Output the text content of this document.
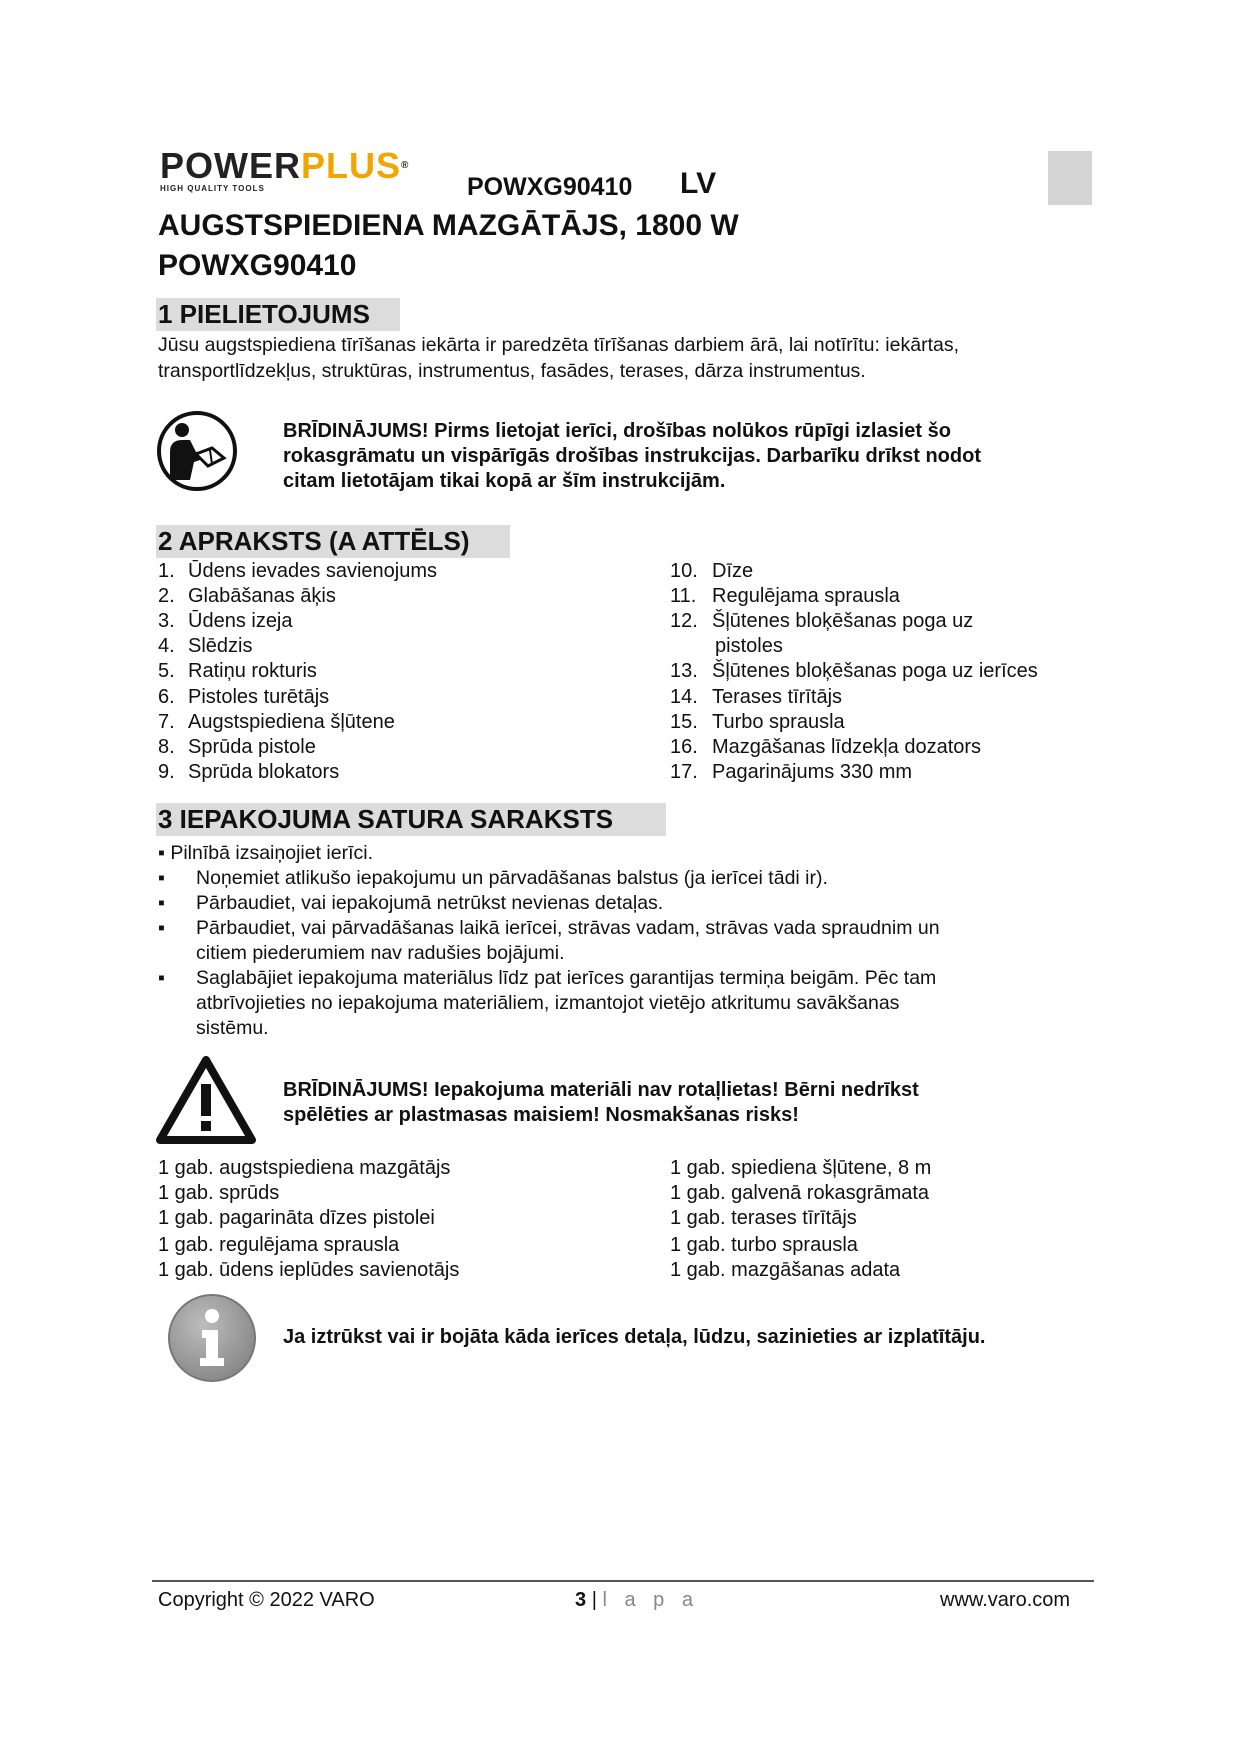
POWERPLUS®
HIGH QUALITY TOOLS	POWXG90410 LV
AUGSTSPIEDIENA MAZGĀTĀJS, 1800 W
POWXG90410
1 PIELIETOJUMS
Jūsu augstspiediena tīrīšanas iekārta ir paredzēta tīrīšanas darbiem ārā, lai notīrītu: iekārtas,
transportlīdzekļus, struktūras, instrumentus, fasādes, terases, dārza instrumentus.
BRĪDINĀJUMS! Pirms lietojat ierīci, drošības nolūkos rūpīgi izlasiet šo
rokasgrāmatu un vispārīgās drošības instrukcijas. Darbarīku drīkst nodot
citam lietotājam tikai kopā ar šīm instrukcijām.
2 APRAKSTS (A ATTĒLS)
1. Ūdens ievades savienojums
2. Glabāšanas āķis
3. Ūdens izeja
4. Slēdzis
5. Ratiņu rokturis
6. Pistoles turētājs
7. Augstspiediena šļūtene
8. Sprūda pistole
9. Sprūda blokators
10. Dīze
11. Regulējama sprausla
12. Šļūtenes bloķēšanas poga uz
pistoles
13. Šļūtenes bloķēšanas poga uz ierīces
14. Terases tīrītājs
15. Turbo sprausla
16. Mazgāšanas līdzekļa dozators
17. Pagarinājums 330 mm
3 IEPAKOJUMA SATURA SARAKSTS
▪ Pilnībā izsaiņojiet ierīci.
▪ Noņemiet atlikušo iepakojumu un pārvadāšanas balstus (ja ierīcei tādi ir).
▪ Pārbaudiet, vai iepakojumā netrūkst nevienas detaļas.
▪ Pārbaudiet, vai pārvadāšanas laikā ierīcei, strāvas vadam, strāvas vada spraudnim un
citiem piederumiem nav radušies bojājumi.
▪ Saglabājiet iepakojuma materiālus līdz pat ierīces garantijas termiņa beigām. Pēc tam
atbrīvojieties no iepakojuma materiāliem, izmantojot vietējo atkritumu savākšanas
sistēmu.
BRĪDINĀJUMS! Iepakojuma materiāli nav rotaļlietas! Bērni nedrīkst
spēlēties ar plastmasas maisiem! Nosmakšanas risks!
1 gab. augstspiediena mazgātājs
1 gab. sprūds
1 gab. pagarināta dīzes pistolei
1 gab. regulējama sprausla
1 gab. ūdens ieplūdes savienotājs
1 gab. spiediena šļūtene, 8 m
1 gab. galvenā rokasgrāmata
1 gab. terases tīrītājs
1 gab. turbo sprausla
1 gab. mazgāšanas adata
Ja iztrūkst vai ir bojāta kāda ierīces detaļa, lūdzu, sazinieties ar izplatītāju.
Copyright © 2022 VARO	3 | l a p a	www.varo.com
